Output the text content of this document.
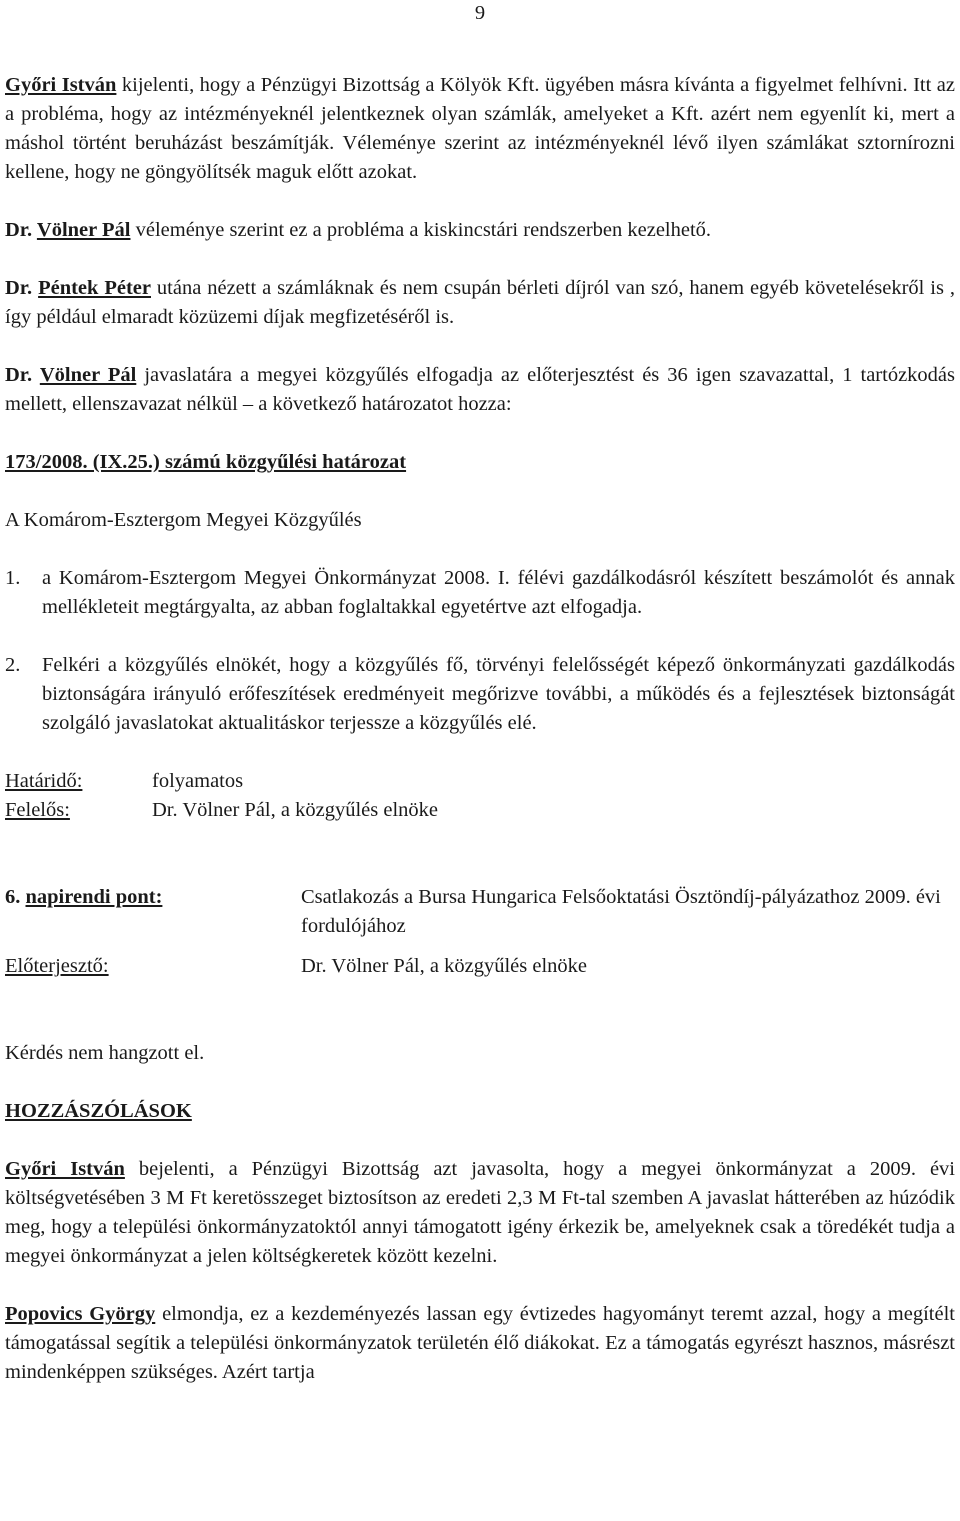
9

Győri István kijelenti, hogy a Pénzügyi Bizottság a Kölyök Kft. ügyében másra kívánta a figyelmet felhívni. Itt az a probléma, hogy az intézményeknél jelentkeznek olyan számlák, amelyeket a Kft. azért nem egyenlít ki, mert a máshol történt beruházást beszámítják. Véleménye szerint az intézményeknél lévő ilyen számlákat sztornírozni kellene, hogy ne göngyölítsék maguk előtt azokat.

Dr. Völner Pál véleménye szerint ez a probléma a kiskincstári rendszerben kezelhető.

Dr. Péntek Péter utána nézett a számláknak és nem csupán bérleti díjról van szó, hanem egyéb követelésekről is , így például elmaradt közüzemi díjak megfizetéséről is.

Dr. Völner Pál javaslatára a megyei közgyűlés elfogadja az előterjesztést és 36 igen szavazattal, 1 tartózkodás mellett, ellenszavazat nélkül – a következő határozatot hozza:

173/2008. (IX.25.) számú közgyűlési határozat

A Komárom-Esztergom Megyei Közgyűlés

1.	a Komárom-Esztergom Megyei Önkormányzat 2008. I. félévi gazdálkodásról készített beszámolót és annak mellékleteit megtárgyalta, az abban foglaltakkal egyetértve azt elfogadja.
2.	Felkéri a közgyűlés elnökét, hogy a közgyűlés fő, törvényi felelősségét képező önkormányzati gazdálkodás biztonságára irányuló erőfeszítések eredményeit megőrizve további, a működés és a fejlesztések biztonságát szolgáló javaslatokat aktualitáskor terjessze a közgyűlés elé.
Határidő:	folyamatos
Felelős:	Dr. Völner Pál, a közgyűlés elnöke
6. napirendi pont:	Csatlakozás a Bursa Hungarica Felsőoktatási Ösztöndíj-pályázathoz 2009. évi fordulójához
Előterjesztő:	Dr. Völner Pál, a közgyűlés elnöke

Kérdés nem hangzott el.

HOZZÁSZÓLÁSOK

Győri István bejelenti, a Pénzügyi Bizottság azt javasolta, hogy a megyei önkormányzat a 2009. évi költségvetésében 3 M Ft keretösszeget biztosítson az eredeti 2,3 M Ft-tal szemben A javaslat hátterében az húzódik meg, hogy a települési önkormányzatoktól annyi támogatott igény érkezik be, amelyeknek csak a töredékét tudja a megyei önkormányzat a jelen költségkeretek között kezelni.

Popovics György elmondja, ez a kezdeményezés lassan egy évtizedes hagyományt teremt azzal, hogy a megítélt támogatással segítik a települési önkormányzatok területén élő diákokat. Ez a támogatás egyrészt hasznos, másrészt mindenképpen szükséges. Azért tartja
